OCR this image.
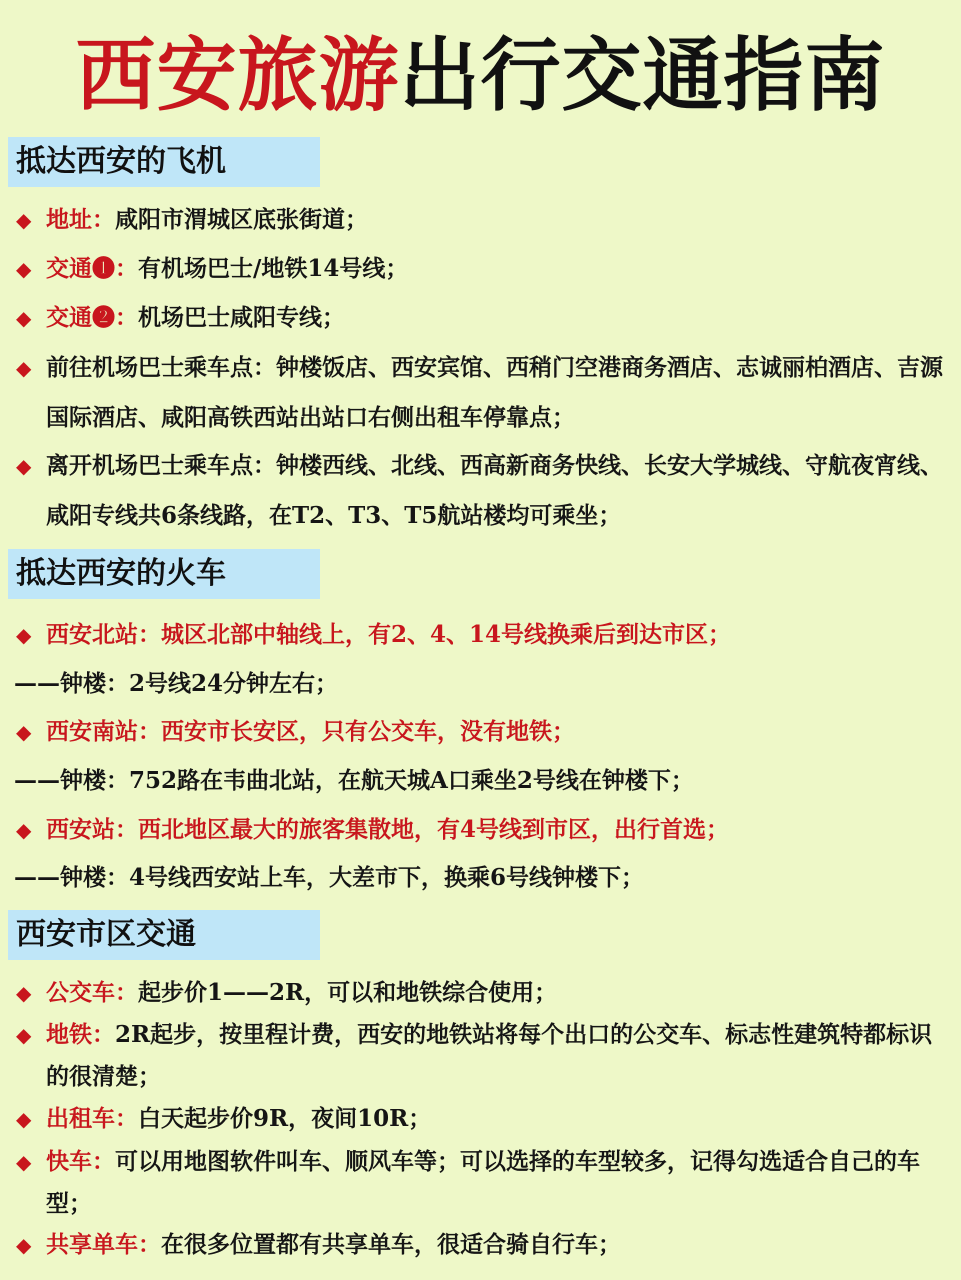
西安旅游出行交通指南
抵达西安的飞机
◆ 地址：咸阳市渭城区底张街道；
◆ 交通❶：有机场巴士/地铁14号线；
◆ 交通❷：机场巴士咸阳专线；
◆ 前往机场巴士乘车点：钟楼饭店、西安宾馆、西稍门空港商务酒店、志诚丽柏酒店、吉源国际酒店、咸阳高铁西站出站口右侧出租车停靠点；
◆ 离开机场巴士乘车点：钟楼西线、北线、西高新商务快线、长安大学城线、守航夜宵线、咸阳专线共6条线路，在T2、T3、T5航站楼均可乘坐；
抵达西安的火车
◆ 西安北站：城区北部中轴线上，有2、4、14号线换乘后到达市区；
——钟楼：2号线24分钟左右；
◆ 西安南站：西安市长安区，只有公交车，没有地铁；
——钟楼：752路在韦曲北站，在航天城A口乘坐2号线在钟楼下；
◆ 西安站：西北地区最大的旅客集散地，有4号线到市区，出行首选；
——钟楼：4号线西安站上车，大差市下，换乘6号线钟楼下；
西安市区交通
◆ 公交车：起步价1——2R，可以和地铁综合使用；
◆ 地铁：2R起步，按里程计费，西安的地铁站将每个出口的公交车、标志性建筑特都标识的很清楚；
◆ 出租车：白天起步价9R，夜间10R；
◆ 快车：可以用地图软件叫车、顺风车等；可以选择的车型较多，记得勾选适合自己的车型；
◆ 共享单车：在很多位置都有共享单车，很适合骑自行车；
